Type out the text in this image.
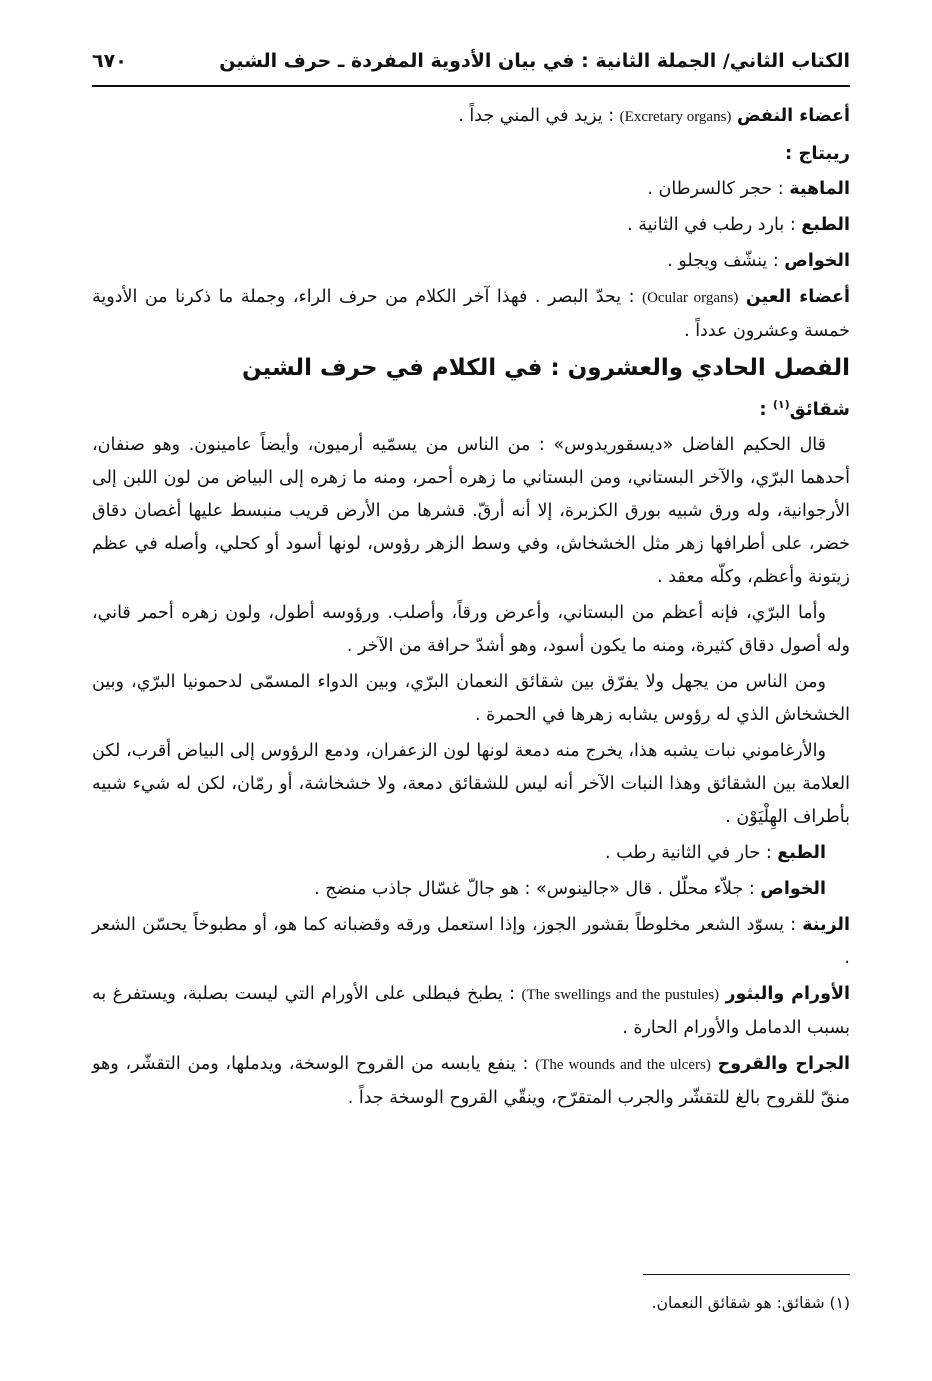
الكتاب الثاني/ الجملة الثانية : في بيان الأدوية المفردة ـ حرف الشين
٦٧٠

أعضاء النفض (Excretary organs) : يزيد في المني جداً .

ريبتاج :

الماهية : حجر كالسرطان .

الطبع : بارد رطب في الثانية .

الخواص : ينشّف ويجلو .

أعضاء العين (Ocular organs) : يحدّ البصر . فهذا آخر الكلام من حرف الراء، وجملة ما ذكرنا من الأدوية خمسة وعشرون عدداً .

الفصل الحادي والعشرون : في الكلام في حرف الشين

شقائق$^{(١)}$ :

قال الحكيم الفاضل «ديسقوريدوس» : من الناس من يسمّيه أرميون، وأيضاً عامينون. وهو صنفان، أحدهما البرّي، والآخر البستاني، ومن البستاني ما زهره أحمر، ومنه ما زهره إلى البياض من لون اللبن إلى الأرجوانية، وله ورق شبيه بورق الكزبرة، إلا أنه أرقّ. قشرها من الأرض قريب منبسط عليها أغصان دقاق خضر، على أطرافها زهر مثل الخشخاش، وفي وسط الزهر رؤوس، لونها أسود أو كحلي، وأصله في عظم زيتونة وأعظم، وكلّه معقد .

وأما البرّي، فإنه أعظم من البستاني، وأعرض ورقاً، وأصلب. ورؤوسه أطول، ولون زهره أحمر قاني، وله أصول دقاق كثيرة، ومنه ما يكون أسود، وهو أشدّ حرافة من الآخر .

ومن الناس من يجهل ولا يفرّق بين شقائق النعمان البرّي، وبين الدواء المسمّى لدحمونيا البرّي، وبين الخشخاش الذي له رؤوس يشابه زهرها في الحمرة .

والأرغاموني نبات يشبه هذا، يخرج منه دمعة لونها لون الزعفران، ودمع الرؤوس إلى البياض أقرب، لكن العلامة بين الشقائق وهذا النبات الآخر أنه ليس للشقائق دمعة، ولا خشخاشة، أو رمّان، لكن له شيء شبيه بأطراف الهِلْيَوْن .

الطبع : حار في الثانية رطب .

الخواص : جلاّء محلّل . قال «جالينوس» : هو جالّ غسّال جاذب منضج .

الزينة : يسوّد الشعر مخلوطاً بقشور الجوز، وإذا استعمل ورقه وقضبانه كما هو، أو مطبوخاً يحسّن الشعر .

الأورام والبثور (The swellings and the pustules) : يطبخ فيطلى على الأورام التي ليست بصلبة، ويستفرغ به بسبب الدمامل والأورام الحارة .

الجراح والقروح (The wounds and the ulcers) : ينفع يابسه من القروح الوسخة، ويدملها، ومن التقشّر، وهو منقّ للقروح بالغ للتقشّر والجرب المتقرّح، وينقّي القروح الوسخة جداً .

(١) شقائق: هو شقائق النعمان.
